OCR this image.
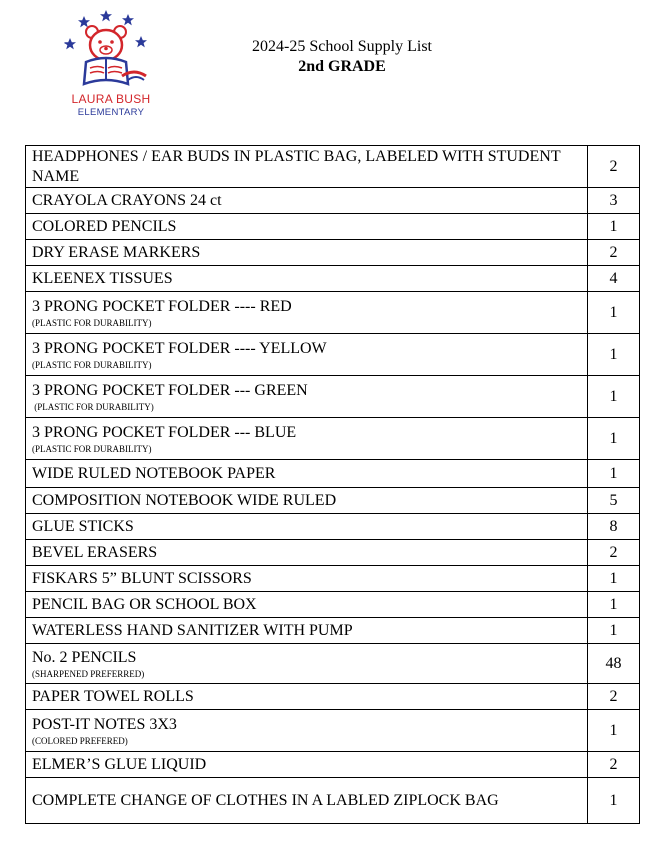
LAURA BUSH
ELEMENTARY
2024-25 School Supply List
2nd GRADE
HEADPHONES / EAR BUDS IN PLASTIC BAG, LABELED WITH STUDENT NAME	2

CRAYOLA CRAYONS 24 ct	3

COLORED PENCILS	1

DRY ERASE MARKERS	2

KLEENEX TISSUES	4

3 PRONG POCKET FOLDER ---- RED
(PLASTIC FOR DURABILITY)	1

3 PRONG POCKET FOLDER ---- YELLOW
(PLASTIC FOR DURABILITY)	1

3 PRONG POCKET FOLDER --- GREEN
(PLASTIC FOR DURABILITY)	1

3 PRONG POCKET FOLDER --- BLUE
(PLASTIC FOR DURABILITY)	1

WIDE RULED NOTEBOOK PAPER	1

COMPOSITION NOTEBOOK WIDE RULED	5

GLUE STICKS	8

BEVEL ERASERS	2

FISKARS 5” BLUNT SCISSORS	1

PENCIL BAG OR SCHOOL BOX	1

WATERLESS HAND SANITIZER WITH PUMP	1

No. 2 PENCILS
(SHARPENED PREFERRED)	48

PAPER TOWEL ROLLS	2

POST-IT NOTES 3X3
(COLORED PREFERED)	1

ELMER’S GLUE LIQUID	2

COMPLETE CHANGE OF CLOTHES IN A LABLED ZIPLOCK BAG	1
